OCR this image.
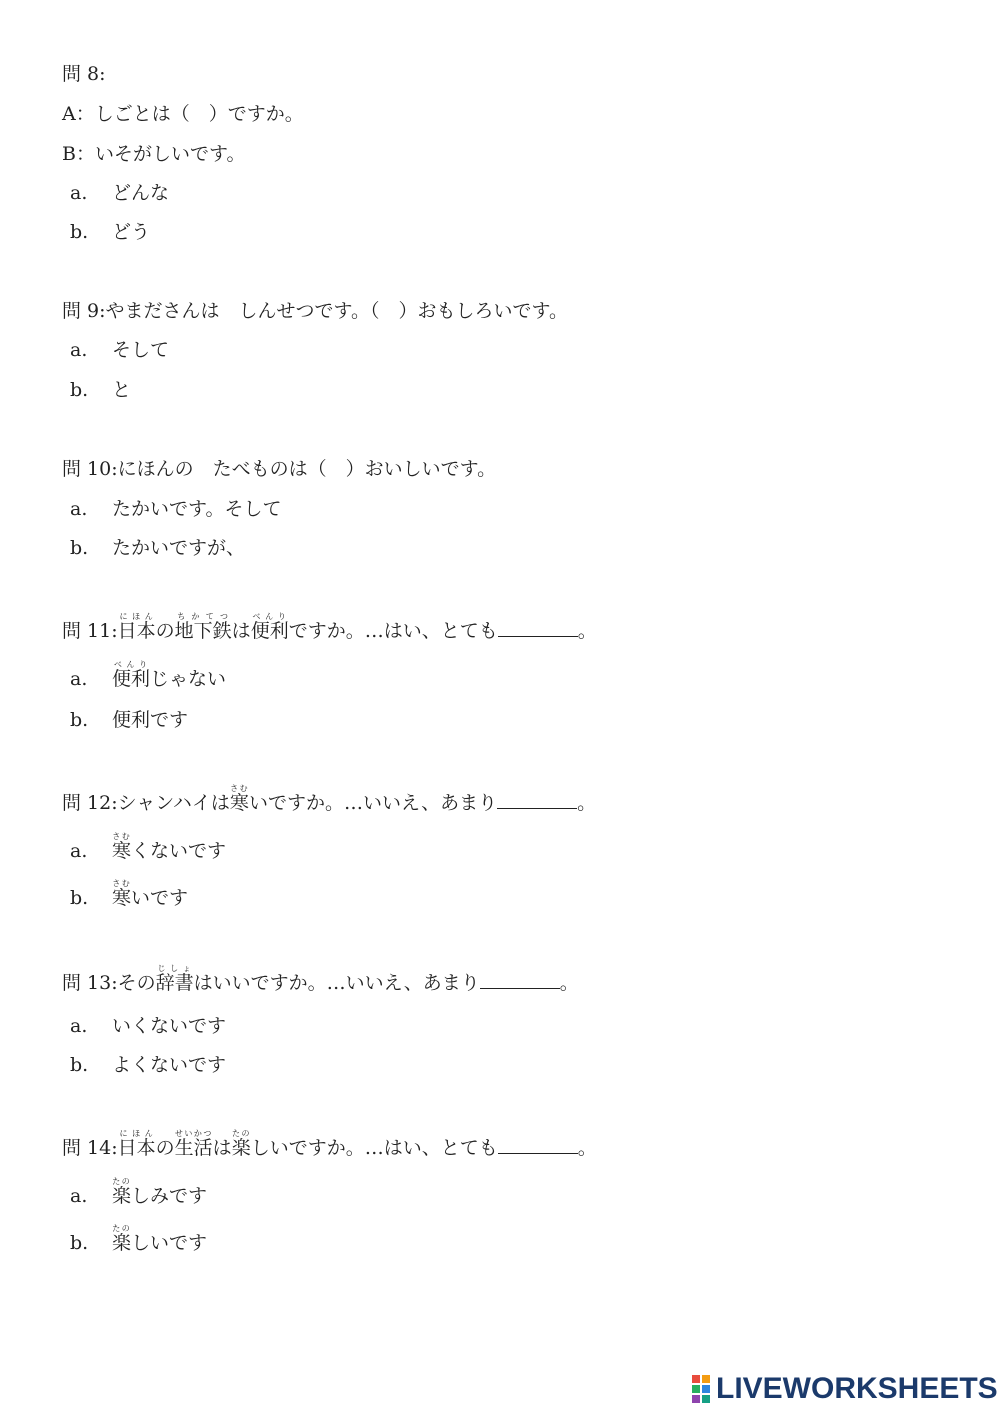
問 8:
A：しごとは（　）ですか。
B：いそがしいです。
a. どんな
b. どう
問 9:やまださんは　しんせつです。（　）おもしろいです。
a. そして
b. と
問 10:にほんの　たべものは（　）おいしいです。
a. たかいです。そして
b. たかいですが、
問 11:日本にほんの地下鉄ちかてつは便利べんりですか。…はい、とても	。
a. 便利べんりじゃない
b. 便利です
問 12:シャンハイは寒さむいですか。…いいえ、あまり	。
a. 寒さむくないです
b. 寒さむいです
問 13:その辞書じしょはいいですか。…いいえ、あまり	。
a. いくないです
b. よくないです
問 14:日本にほんの生活せいかつは楽たのしいですか。…はい、とても	。
a. 楽たのしみです
b. 楽たのしいです
LIVEWORKSHEETS
